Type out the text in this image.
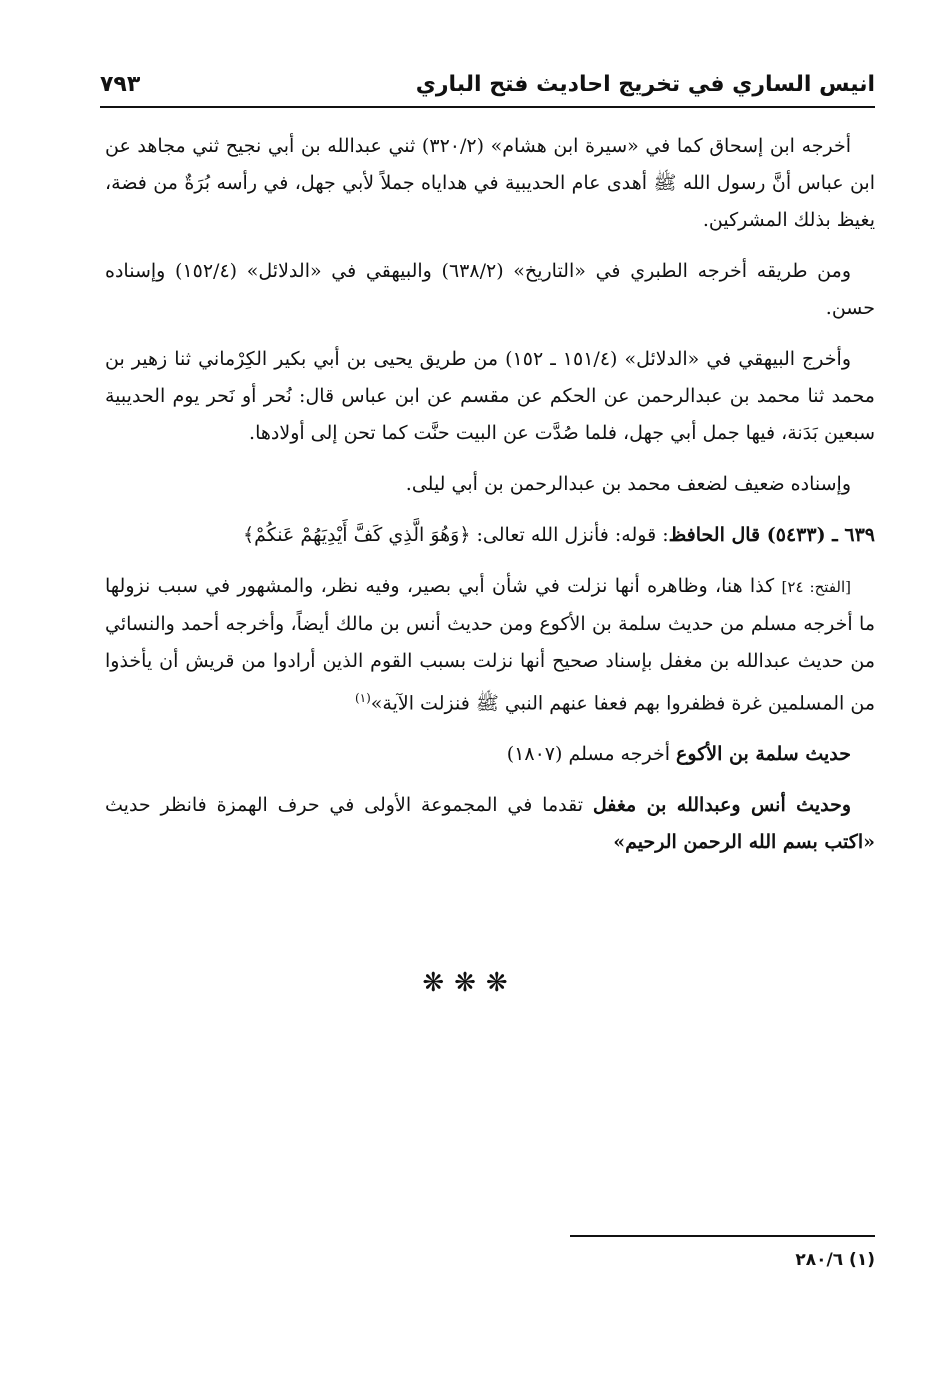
انيس الساري في تخريج احاديث فتح الباري
٧٩٣

أخرجه ابن إسحاق كما في «سيرة ابن هشام» (٣٢٠/٢) ثني عبدالله بن أبي نجيح ثني مجاهد عن ابن عباس أنَّ رسول الله ﷺ أهدى عام الحديبية في هداياه جملاً لأبي جهل، في رأسه بُرَةٌ من فضة، يغيظ بذلك المشركين.

ومن طريقه أخرجه الطبري في «التاريخ» (٦٣٨/٢) والبيهقي في «الدلائل» (١٥٢/٤) وإسناده حسن.

وأخرج البيهقي في «الدلائل» (١٥١/٤ ـ ١٥٢) من طريق يحيى بن أبي بكير الكِرْماني ثنا زهير بن محمد ثنا محمد بن عبدالرحمن عن الحكم عن مقسم عن ابن عباس قال: نُحر أو نَحر يوم الحديبية سبعين بَدَنة، فيها جمل أبي جهل، فلما صُدَّت عن البيت حنَّت كما تحن إلى أولادها.

وإسناده ضعيف لضعف محمد بن عبدالرحمن بن أبي ليلى.

٦٣٩ ـ (٥٤٣٣) قال الحافظ: قوله: فأنزل الله تعالى: ﴿وَهُوَ الَّذِي كَفَّ أَيْدِيَهُمْ عَنكُمْ﴾

[الفتح: ٢٤] كذا هنا، وظاهره أنها نزلت في شأن أبي بصير، وفيه نظر، والمشهور في سبب نزولها ما أخرجه مسلم من حديث سلمة بن الأكوع ومن حديث أنس بن مالك أيضاً، وأخرجه أحمد والنسائي من حديث عبدالله بن مغفل بإسناد صحيح أنها نزلت بسبب القوم الذين أرادوا من قريش أن يأخذوا من المسلمين غرة فظفروا بهم فعفا عنهم النبي ﷺ فنزلت الآية»$^{(١)}$

حديث سلمة بن الأكوع أخرجه مسلم (١٨٠٧)

وحديث أنس وعبدالله بن مغفل تقدما في المجموعة الأولى في حرف الهمزة فانظر حديث «اكتب بسم الله الرحمن الرحيم»

❋❋❋
(١) ٢٨٠/٦
